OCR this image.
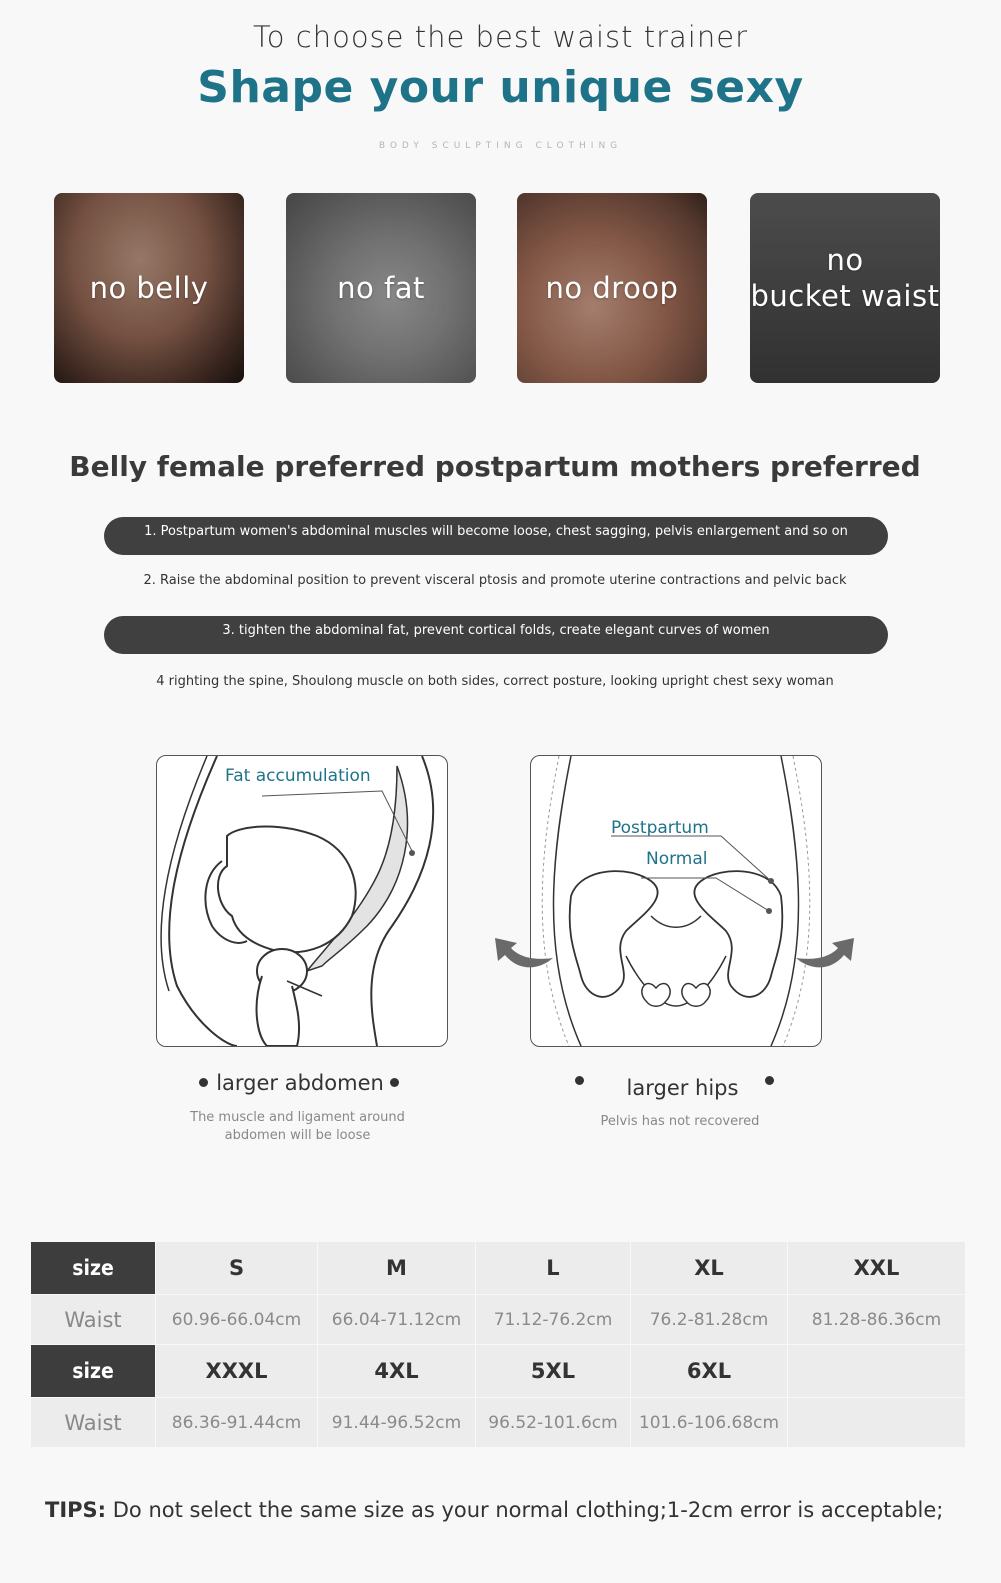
To choose the best waist trainer
Shape your unique sexy
BODY SCULPTING CLOTHING
no belly	no fat	no droop
no
bucket waist
Belly female preferred postpartum mothers preferred
1. Postpartum women's abdominal muscles will become loose, chest sagging, pelvis enlargement and so on
2. Raise the abdominal position to prevent visceral ptosis and promote uterine contractions and pelvic back
3. tighten the abdominal fat, prevent cortical folds, create elegant curves of women
4 righting the spine, Shoulong muscle on both sides, correct posture, looking upright chest sexy woman
Fat accumulation
larger abdomen
The muscle and ligament around
abdomen will be loose
Postpartum
Normal
larger hips
Pelvis has not recovered
size	S	M	L	XL	XXL
Waist	60.96-66.04cm	66.04-71.12cm	71.12-76.2cm	76.2-81.28cm	81.28-86.36cm
size	XXXL	4XL	5XL	6XL	
Waist	86.36-91.44cm	91.44-96.52cm	96.52-101.6cm	101.6-106.68cm	
TIPS: Do not select the same size as your normal clothing;1-2cm error is acceptable;
